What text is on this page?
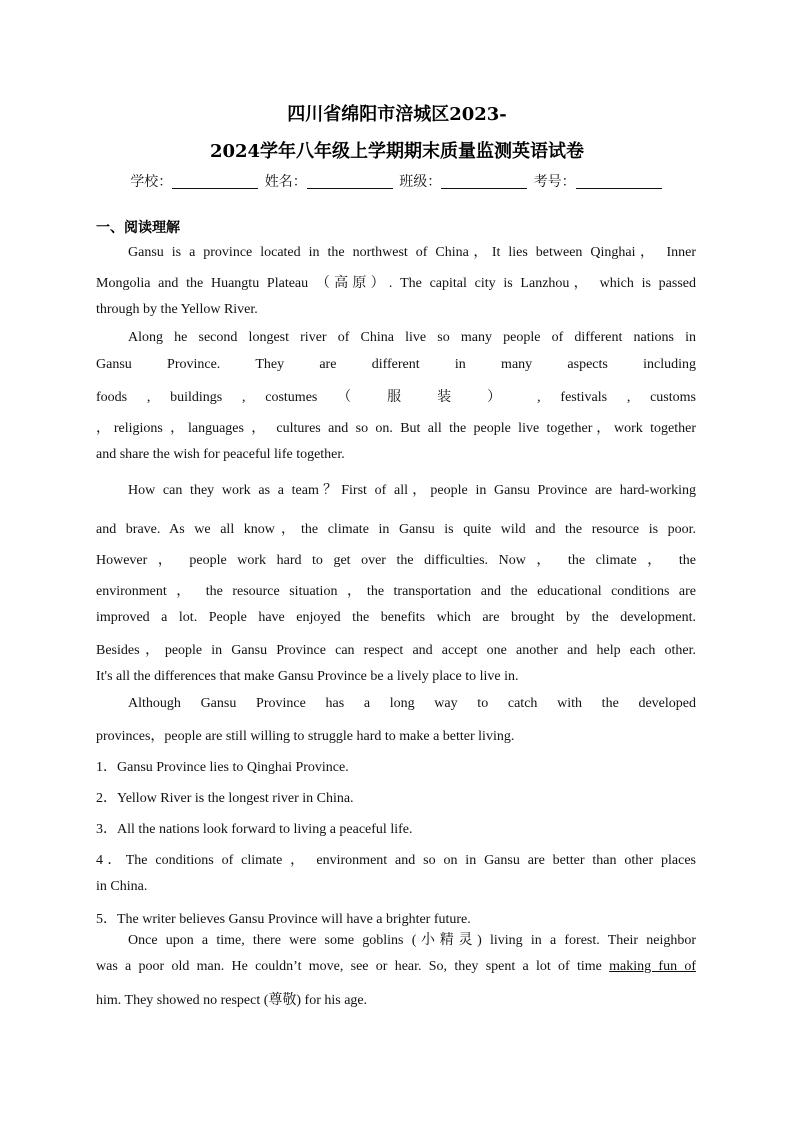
四川省绵阳市涪城区2023-
2024学年八年级上学期期末质量监测英语试卷
学校：	姓名：	班级：	考号：
一、阅读理解
Gansu is a province located in the northwest of China，It lies between Qinghai， Inner
Mongolia and the Huangtu Plateau （高原）. The capital city is Lanzhou， which is passed
through by the Yellow River.
Along he second longest river of China live so many people of different nations in
Gansu Province. They are different in many aspects including
foods , buildings , costumes （ 服 装 ） , festivals , customs
，religions ，languages ， cultures and so on. But all the people live together，work together
and share the wish for peaceful life together.
How can they work as a team？First of all，people in Gansu Province are hard-working
and brave. As we all know，the climate in Gansu is quite wild and the resource is poor.
However ， people work hard to get over the difficulties. Now ， the climate ， the
environment ， the resource situation ，the transportation and the educational conditions are
improved a lot. People have enjoyed the benefits which are brought by the development.
Besides，people in Gansu Province can respect and accept one another and help each other.
It's all the differences that make Gansu Province be a lively place to live in.
Although Gansu Province has a long way to catch with the developed
provinces，people are still willing to struggle hard to make a better living.
1．Gansu Province lies to Qinghai Province.
2．Yellow River is the longest river in China.
3．All the nations look forward to living a peaceful life.
4．The conditions of climate ， environment and so on in Gansu are better than other places
in China.
5．The writer believes Gansu Province will have a brighter future.
Once upon a time, there were some goblins (小精灵) living in a forest. Their neighbor
was a poor old man. He couldn’t move, see or hear. So, they spent a lot of time making fun of
him. They showed no respect (尊敬) for his age.
